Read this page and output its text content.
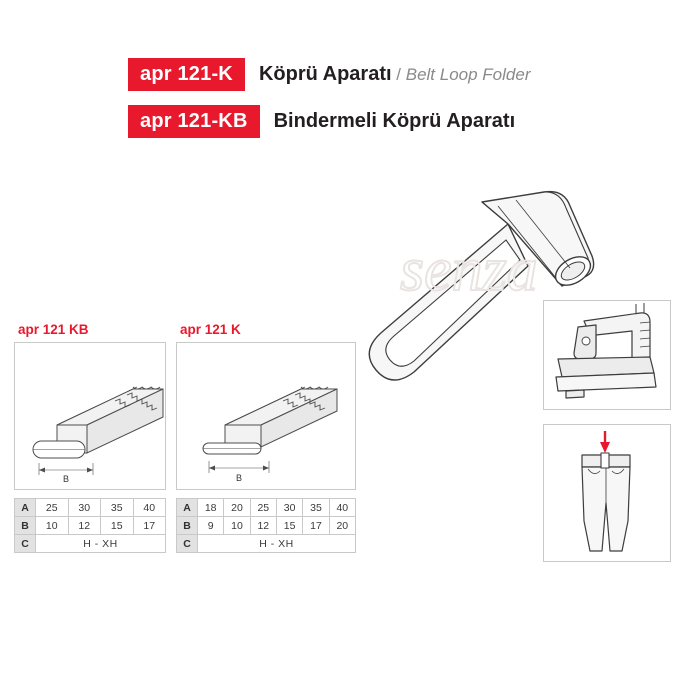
apr 121-K	Köprü Aparatı / Belt Loop Folder
apr 121-KB	Bindermeli Köprü Aparatı
apr 121 KB
B
A	25	30	35	40
B	10	12	15	17
C	H - XH			
apr 121 K
B
A	18	20	25	30	35	40
B	9	10	12	15	17	20
C	H - XH					
senza
